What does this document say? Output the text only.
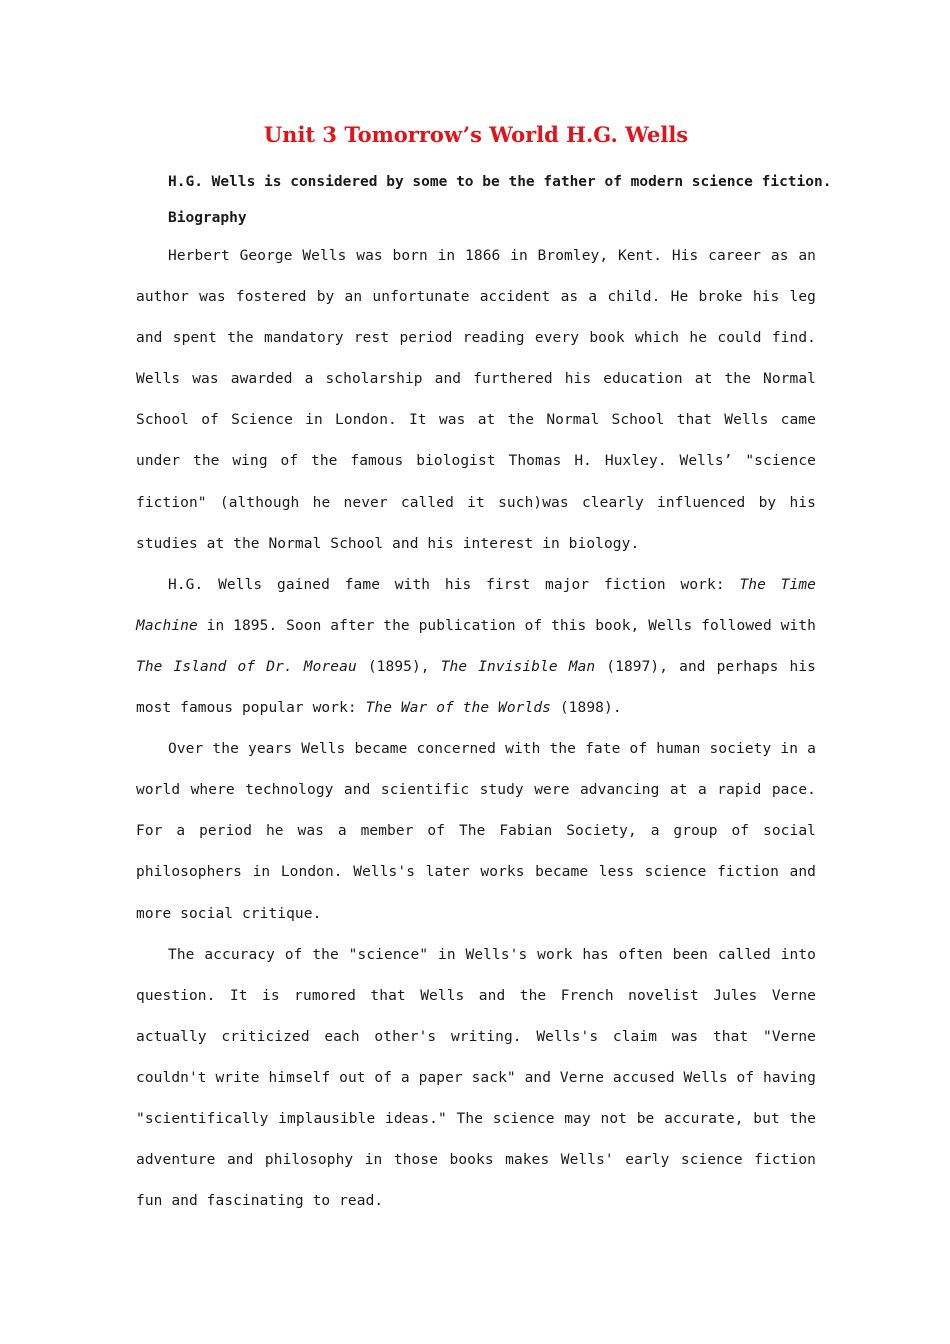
Unit 3 Tomorrow’s World H.G. Wells
H.G. Wells is considered by some to be the father of modern science fiction.
Biography

Herbert George Wells was born in 1866 in Bromley, Kent. His career as an author was fostered by an unfortunate accident as a child. He broke his leg and spent the mandatory rest period reading every book which he could find. Wells was awarded a scholarship and furthered his education at the Normal School of Science in London. It was at the Normal School that Wells came under the wing of the famous biologist Thomas H. Huxley. Wells’ "science fiction" (although he never called it such)was clearly influenced by his studies at the Normal School and his interest in biology.

H.G. Wells gained fame with his first major fiction work: The Time Machine in 1895. Soon after the publication of this book, Wells followed with The Island of Dr. Moreau (1895), The Invisible Man (1897), and perhaps his most famous popular work: The War of the Worlds (1898).

Over the years Wells became concerned with the fate of human society in a world where technology and scientific study were advancing at a rapid pace. For a period he was a member of The Fabian Society, a group of social philosophers in London. Wells's later works became less science fiction and more social critique.

The accuracy of the "science" in Wells's work has often been called into question. It is rumored that Wells and the French novelist Jules Verne actually criticized each other's writing. Wells's claim was that "Verne couldn't write himself out of a paper sack" and Verne accused Wells of having "scientifically implausible ideas." The science may not be accurate, but the adventure and philosophy in those books makes Wells' early science fiction fun and fascinating to read.
